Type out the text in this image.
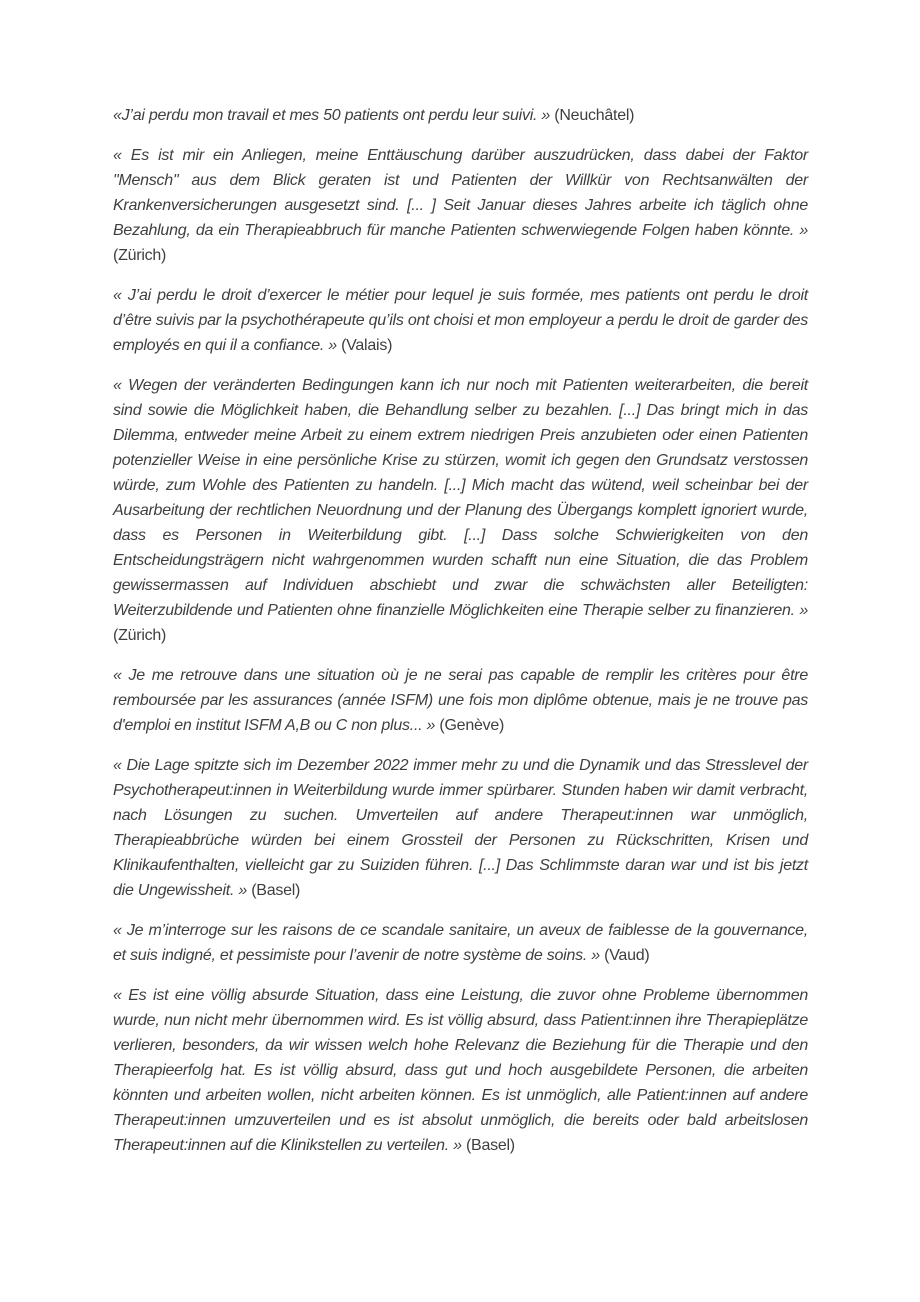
«J’ai perdu mon travail et mes 50 patients ont perdu leur suivi. » (Neuchâtel)

« Es ist mir ein Anliegen, meine Enttäuschung darüber auszudrücken, dass dabei der Faktor "Mensch" aus dem Blick geraten ist und Patienten der Willkür von Rechtsanwälten der Krankenversicherungen ausgesetzt sind. [... ] Seit Januar dieses Jahres arbeite ich täglich ohne Bezahlung, da ein Therapieabbruch für manche Patienten schwerwiegende Folgen haben könnte. » (Zürich)

« J’ai perdu le droit d’exercer le métier pour lequel je suis formée, mes patients ont perdu le droit d’être suivis par la psychothérapeute qu’ils ont choisi et mon employeur a perdu le droit de garder des employés en qui il a confiance. » (Valais)

« Wegen der veränderten Bedingungen kann ich nur noch mit Patienten weiterarbeiten, die bereit sind sowie die Möglichkeit haben, die Behandlung selber zu bezahlen. [...] Das bringt mich in das Dilemma, entweder meine Arbeit zu einem extrem niedrigen Preis anzubieten oder einen Patienten potenzieller Weise in eine persönliche Krise zu stürzen, womit ich gegen den Grundsatz verstossen würde, zum Wohle des Patienten zu handeln. [...] Mich macht das wütend, weil scheinbar bei der Ausarbeitung der rechtlichen Neuordnung und der Planung des Übergangs komplett ignoriert wurde, dass es Personen in Weiterbildung gibt. [...] Dass solche Schwierigkeiten von den Entscheidungsträgern nicht wahrgenommen wurden schafft nun eine Situation, die das Problem gewissermassen auf Individuen abschiebt und zwar die schwächsten aller Beteiligten: Weiterzubildende und Patienten ohne finanzielle Möglichkeiten eine Therapie selber zu finanzieren. » (Zürich)

« Je me retrouve dans une situation où je ne serai pas capable de remplir les critères pour être remboursée par les assurances (année ISFM) une fois mon diplôme obtenue, mais je ne trouve pas d'emploi en institut ISFM A,B ou C non plus... » (Genève)

« Die Lage spitzte sich im Dezember 2022 immer mehr zu und die Dynamik und das Stresslevel der Psychotherapeut:innen in Weiterbildung wurde immer spürbarer. Stunden haben wir damit verbracht, nach Lösungen zu suchen. Umverteilen auf andere Therapeut:innen war unmöglich, Therapieabbrüche würden bei einem Grossteil der Personen zu Rückschritten, Krisen und Klinikaufenthalten, vielleicht gar zu Suiziden führen. [...] Das Schlimmste daran war und ist bis jetzt die Ungewissheit. » (Basel)

« Je m’interroge sur les raisons de ce scandale sanitaire, un aveux de faiblesse de la gouvernance, et suis indigné, et pessimiste pour l’avenir de notre système de soins. » (Vaud)

« Es ist eine völlig absurde Situation, dass eine Leistung, die zuvor ohne Probleme übernommen wurde, nun nicht mehr übernommen wird. Es ist völlig absurd, dass Patient:innen ihre Therapieplätze verlieren, besonders, da wir wissen welch hohe Relevanz die Beziehung für die Therapie und den Therapieerfolg hat. Es ist völlig absurd, dass gut und hoch ausgebildete Personen, die arbeiten könnten und arbeiten wollen, nicht arbeiten können. Es ist unmöglich, alle Patient:innen auf andere Therapeut:innen umzuverteilen und es ist absolut unmöglich, die bereits oder bald arbeitslosen Therapeut:innen auf die Klinikstellen zu verteilen. » (Basel)
